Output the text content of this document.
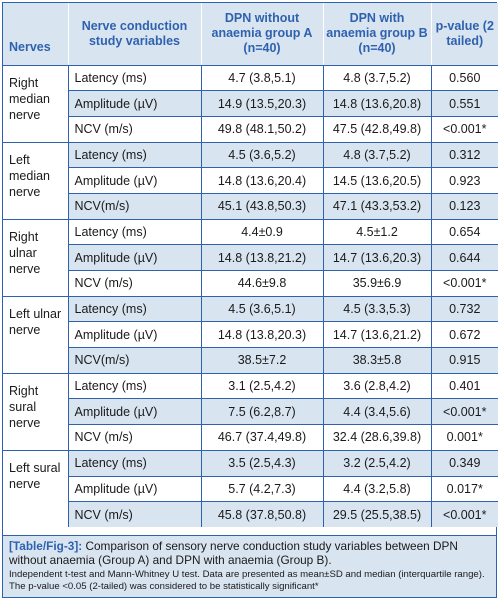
Nerves	Nerve conduction study variables	DPN without anaemia group A (n=40)	DPN with anaemia group B (n=40)	p-value (2 tailed)
Right median nerve	Latency (ms)	4.7 (3.8,5.1)	4.8 (3.7,5.2)	0.560
	Amplitude (µV)	14.9 (13.5,20.3)	14.8 (13.6,20.8)	0.551
	NCV (m/s)	49.8 (48.1,50.2)	47.5 (42.8,49.8)	<0.001*
Left median nerve	Latency (ms)	4.5 (3.6,5.2)	4.8 (3.7,5.2)	0.312
	Amplitude (µV)	14.8 (13.6,20.4)	14.5 (13.6,20.5)	0.923
	NCV(m/s)	45.1 (43.8,50.3)	47.1 (43.3,53.2)	0.123
Right ulnar nerve	Latency (ms)	4.4±0.9	4.5±1.2	0.654
	Amplitude (µV)	14.8 (13.8,21.2)	14.7 (13.6,20.3)	0.644
	NCV (m/s)	44.6±9.8	35.9±6.9	<0.001*
Left ulnar nerve	Latency (ms)	4.5 (3.6,5.1)	4.5 (3.3,5.3)	0.732
	Amplitude (µV)	14.8 (13.8,20.3)	14.7 (13.6,21.2)	0.672
	NCV(m/s)	38.5±7.2	38.3±5.8	0.915
Right sural nerve	Latency (ms)	3.1 (2.5,4.2)	3.6 (2.8,4.2)	0.401
	Amplitude (µV)	7.5 (6.2,8.7)	4.4 (3.4,5.6)	<0.001*
	NCV (m/s)	46.7 (37.4,49.8)	32.4 (28.6,39.8)	0.001*
Left sural nerve	Latency (ms)	3.5 (2.5,4.3)	3.2 (2.5,4.2)	0.349
	Amplitude (µV)	5.7 (4.2,7.3)	4.4 (3.2,5.8)	0.017*
	NCV (m/s)	45.8 (37.8,50.8)	29.5 (25.5,38.5)	<0.001*
[Table/Fig-3]: Comparison of sensory nerve conduction study variables between DPN without anaemia (Group A) and DPN with anaemia (Group B).
Independent t-test and Mann-Whitney U test. Data are presented as mean±SD and median (interquartile range). The p-value <0.05 (2-tailed) was considered to be statistically significant*
